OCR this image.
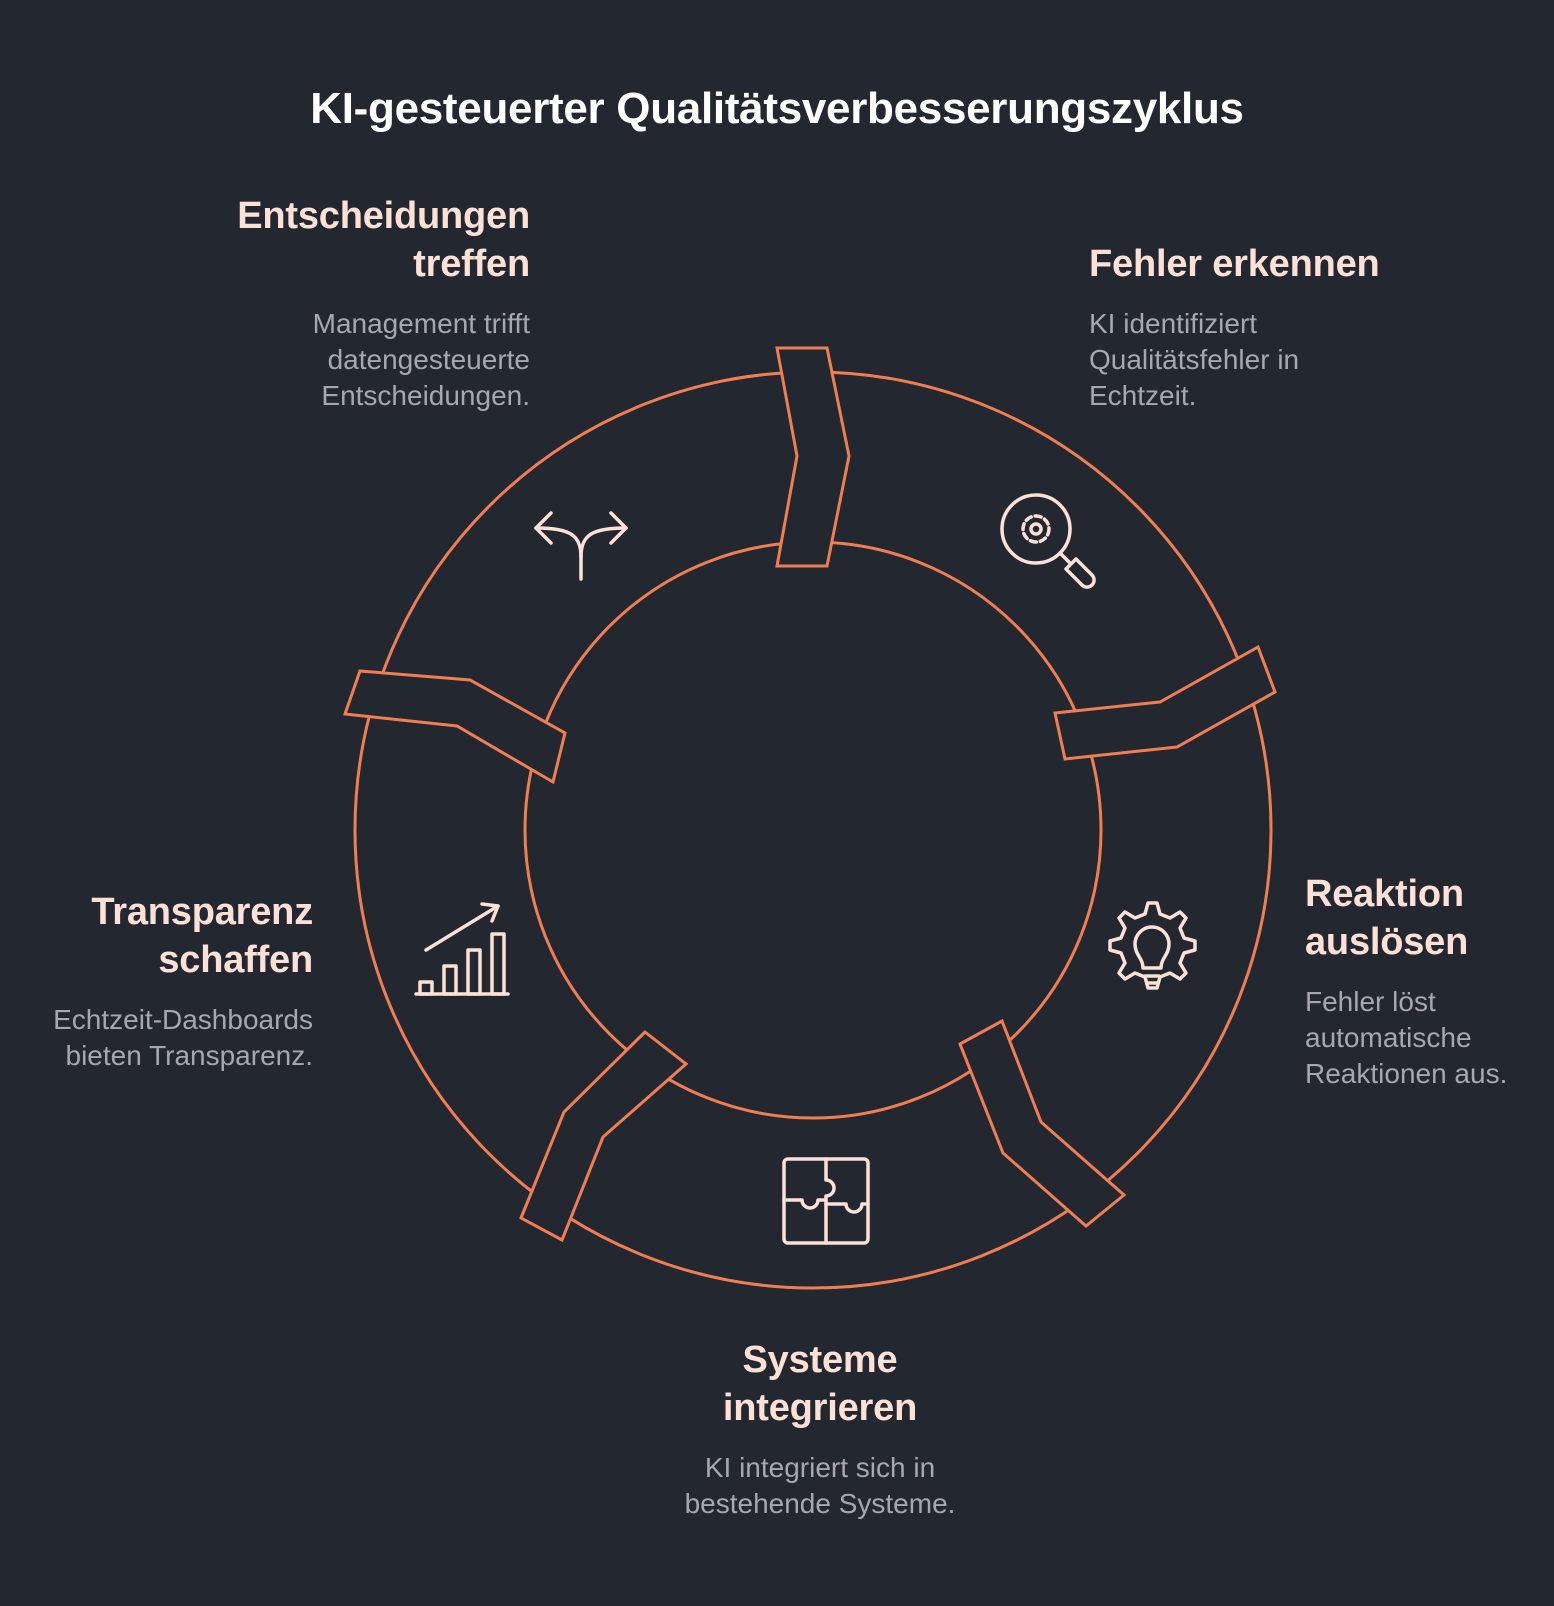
KI-gesteuerter Qualitätsverbesserungszyklus
Entscheidungen
treffen
Management trifft
datengesteuerte
Entscheidungen.
Fehler erkennen
KI identifiziert
Qualitätsfehler in
Echtzeit.
Reaktion
auslösen
Fehler löst
automatische
Reaktionen aus.
Systeme
integrieren
KI integriert sich in
bestehende Systeme.
Transparenz
schaffen
Echtzeit-Dashboards
bieten Transparenz.
